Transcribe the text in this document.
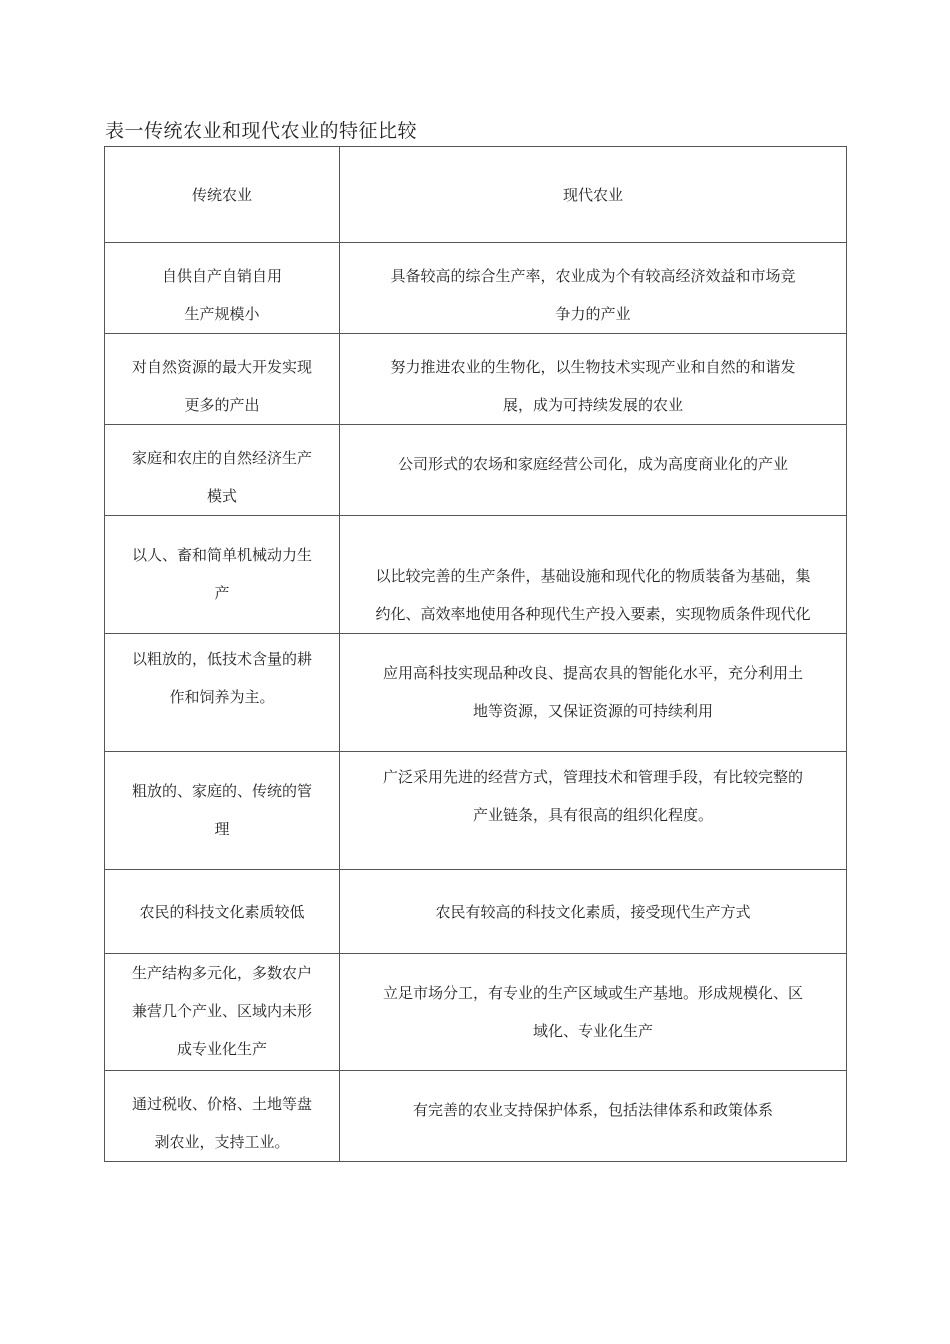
表一传统农业和现代农业的特征比较
传统农业	现代农业

自供自产自销自用
生产规模小	具备较高的综合生产率，农业成为个有较高经济效益和市场竞
争力的产业

对自然资源的最大开发实现
更多的产出	努力推进农业的生物化，以生物技术实现产业和自然的和谐发
展，成为可持续发展的农业

家庭和农庄的自然经济生产
模式	公司形式的农场和家庭经营公司化，成为高度商业化的产业

以人、畜和简单机械动力生
产	以比较完善的生产条件，基础设施和现代化的物质装备为基础，集
约化、高效率地使用各种现代生产投入要素，实现物质条件现代化

以粗放的，低技术含量的耕
作和饲养为主。	应用高科技实现品种改良、提高农具的智能化水平，充分利用土
地等资源，又保证资源的可持续利用

粗放的、家庭的、传统的管
理	广泛采用先进的经营方式，管理技术和管理手段，有比较完整的
产业链条，具有很高的组织化程度。

农民的科技文化素质较低	农民有较高的科技文化素质，接受现代生产方式

生产结构多元化，多数农户
兼营几个产业、区域内未形
成专业化生产	立足市场分工，有专业的生产区域或生产基地。形成规模化、区
域化、专业化生产

通过税收、价格、土地等盘
剥农业，支持工业。	有完善的农业支持保护体系，包括法律体系和政策体系
